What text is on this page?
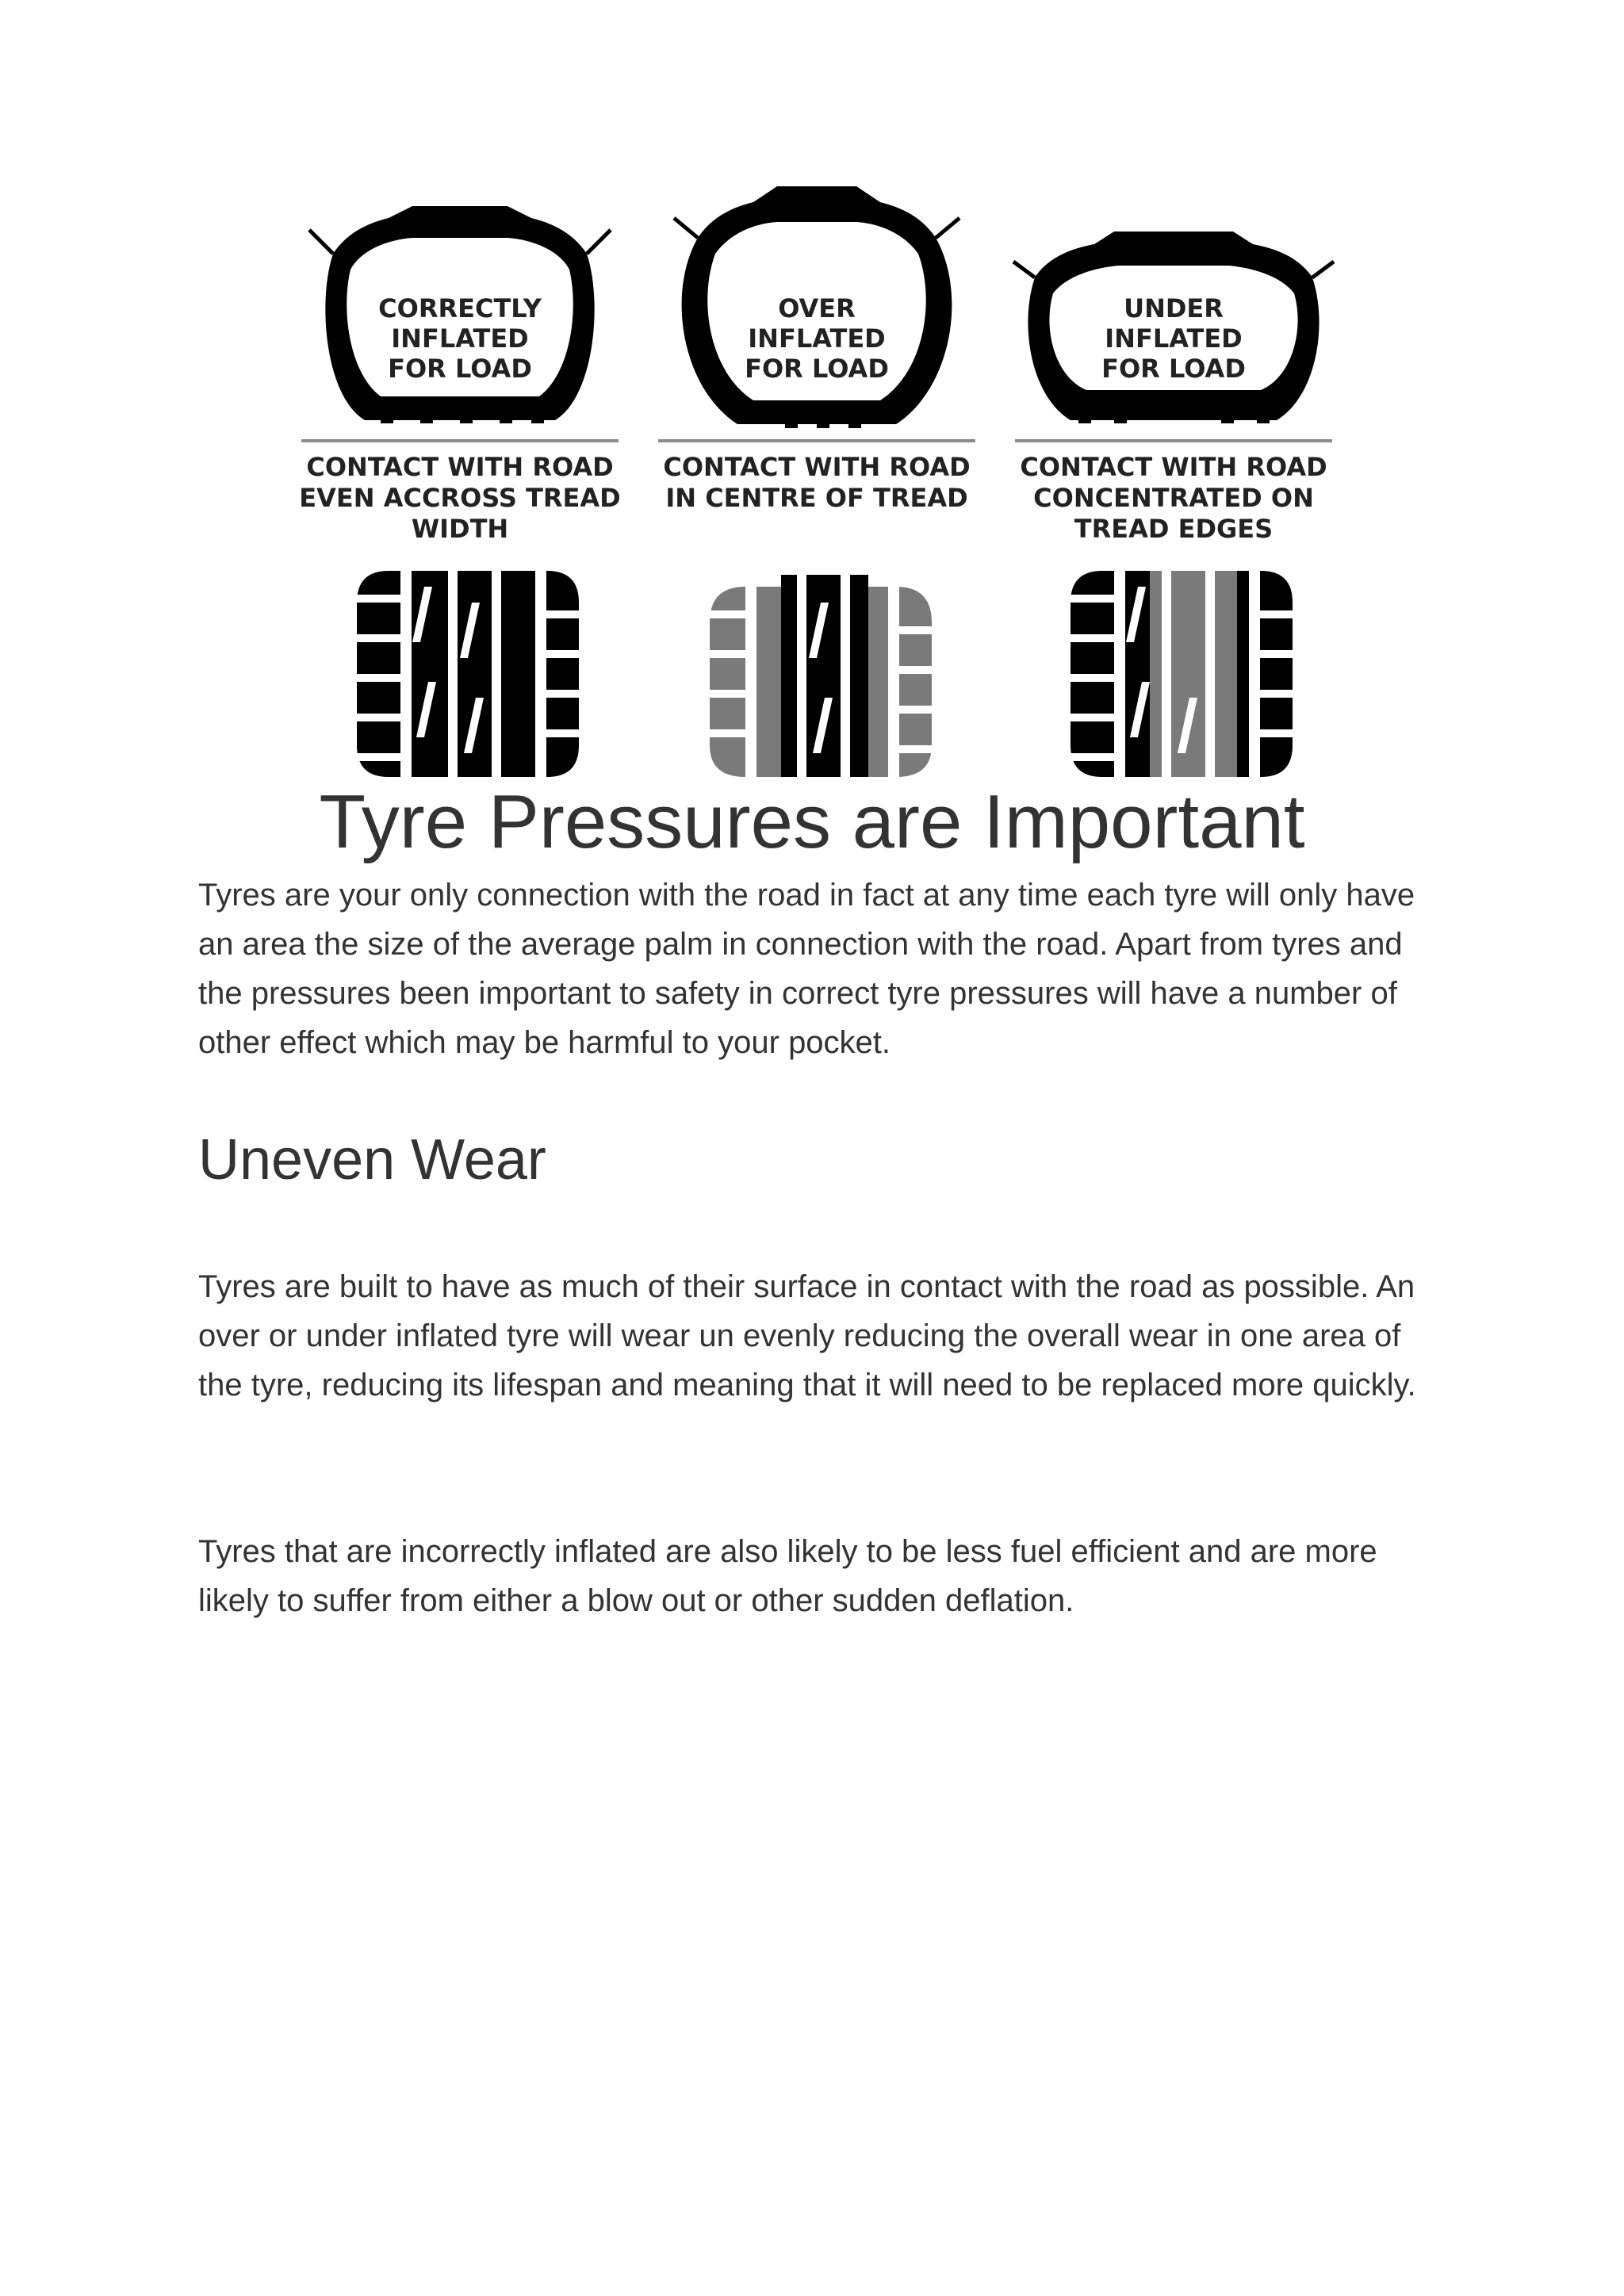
CORRECTLY
INFLATED
FOR LOAD
CONTACT WITH ROAD
EVEN ACCROSS TREAD
WIDTH
OVER
INFLATED
FOR LOAD
CONTACT WITH ROAD
IN CENTRE OF TREAD
UNDER
INFLATED
FOR LOAD
CONTACT WITH ROAD
CONCENTRATED ON
TREAD EDGES
Tyre Pressures are Important

Tyres are your only connection with the road in fact at any time each tyre will only have an area the size of the average palm in connection with the road. Apart from tyres and the pressures been important to safety in correct tyre pressures will have a number of other effect which may be harmful to your pocket.

Uneven Wear

Tyres are built to have as much of their surface in contact with the road as possible. An over or under inflated tyre will wear un evenly reducing the overall wear in one area of the tyre, reducing its lifespan and meaning that it will need to be replaced more quickly.

Tyres that are incorrectly inflated are also likely to be less fuel efficient and are more likely to suffer from either a blow out or other sudden deflation.
